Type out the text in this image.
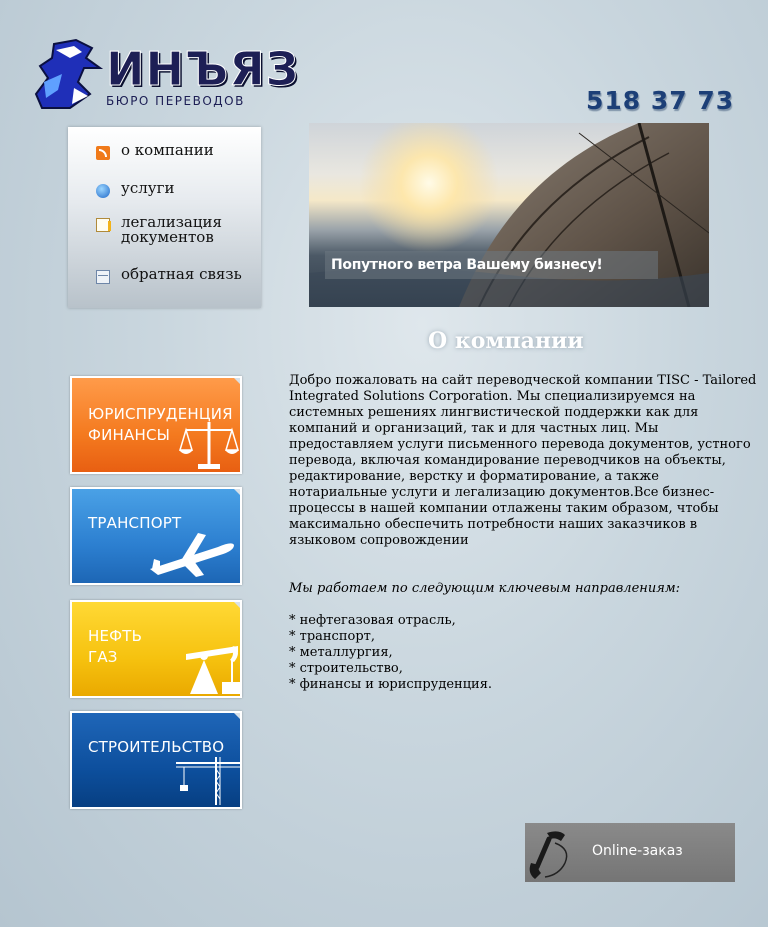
ИНЪЯЗ
БЮРО ПЕРЕВОДОВ	518 37 73
о компании
услуги
легализация документов
обратная связь	Попутного ветра Вашему бизнесу!
О компании
ЮРИСПРУДЕНЦИЯ
ФИНАНСЫ
ТРАНСПОРТ
НЕФТЬ
ГАЗ
СТРОИТЕЛЬСТВО

Добро пожаловать на сайт переводческой компании TISC - Tailored Integrated Solutions Corporation. Мы специализируемся на системных решениях лингвистической поддержки как для компаний и организаций, так и для частных лиц. Мы предоставляем услуги письменного перевода документов, устного перевода, включая командирование переводчиков на объекты, редактирование, верстку и форматирование, а также нотариальные услуги и легализацию документов.Все бизнес-процессы в нашей компании отлажены таким образом, чтобы максимально обеспечить потребности наших заказчиков в языковом сопровождении

Мы работаем по следующим ключевым направлениям:
* нефтегазовая отрасль,
* транспорт,
* металлургия,
* строительство,
* финансы и юриспруденция.
Online-заказ
